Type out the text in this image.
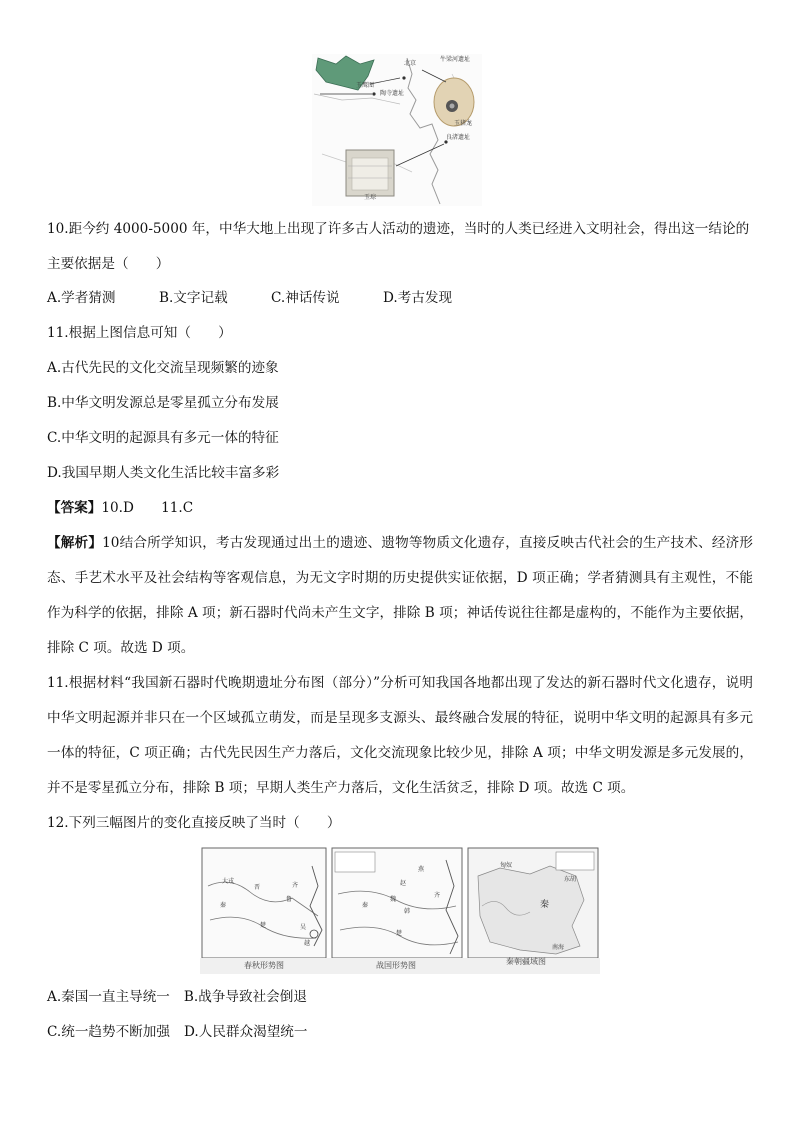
北京
牛梁河遗址
玉鹰图
陶寺遗址
玉猪龙
良渚遗址
玉琮
10.距今约 4000-5000 年，中华大地上出现了许多古人活动的遗迹，当时的人类已经进入文明社会，得出这一结论的
主要依据是（　　）
A.学者猜测	B.文字记载	C.神话传说	D.考古发现
11.根据上图信息可知（　　）
A.古代先民的文化交流呈现频繁的迹象
B.中华文明发源总是零星孤立分布发展
C.中华文明的起源具有多元一体的特征
D.我国早期人类文化生活比较丰富多彩
【答案】10.D　　11.C
【解析】10结合所学知识，考古发现通过出土的遗迹、遗物等物质文化遗存，直接反映古代社会的生产技术、经济形态、手艺术水平及社会结构等客观信息，为无文字时期的历史提供实证依据，D 项正确；学者猜测具有主观性，不能作为科学的依据，排除 A 项；新石器时代尚未产生文字，排除 B 项；神话传说往往都是虚构的，不能作为主要依据，排除 C 项。故选 D 项。
11.根据材料“我国新石器时代晚期遗址分布图（部分）”分析可知我国各地都出现了发达的新石器时代文化遗存，说明中华文明起源并非只在一个区域孤立萌发，而是呈现多支源头、最终融合发展的特征，说明中华文明的起源具有多元一体的特征，C 项正确；古代先民因生产力落后，文化交流现象比较少见，排除 A 项；中华文明发源是多元发展的，并不是零星孤立分布，排除 B 项；早期人类生产力落后，文化生活贫乏，排除 D 项。故选 C 项。
12.下列三幅图片的变化直接反映了当时（　　）
大戎
晋
秦
楚	吴
齐
鲁
越
燕
赵
魏
韩
秦
楚
齐
秦
匈奴
东胡
南海
春秋形势图	战国形势图	秦朝疆域图
A.秦国一直主导统一 B.战争导致社会倒退
C.统一趋势不断加强 D.人民群众渴望统一
